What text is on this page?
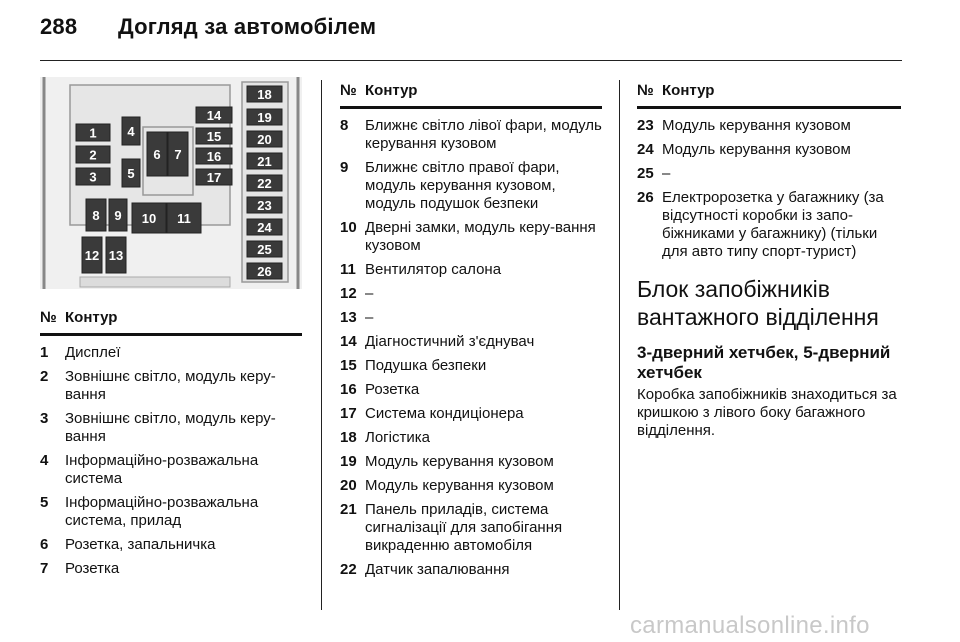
288 Догляд за автомобілем
1
2
3
4
5
6 7
8 9 10 11
12 13
14
15
16
17
18
19
20
21
22
23
24
25
26
№ Контур
1	Дисплеї
2	Зовнішнє світло, модуль керу-вання
3	Зовнішнє світло, модуль керу-вання
4	Інформаційно-розважальна система
5	Інформаційно-розважальна система, прилад
6	Розетка, запальничка
7	Розетка
№ Контур
8	Ближнє світло лівої фари, модуль керування кузовом
9	Ближнє світло правої фари, модуль керування кузовом, модуль подушок безпеки
10 Дверні замки, модуль керу-вання кузовом
11 Вентилятор салона
12 –
13 –
14 Діагностичний з'єднувач
15 Подушка безпеки
16 Розетка
17 Система кондиціонера
18 Логістика
19 Модуль керування кузовом
20 Модуль керування кузовом
21 Панель приладів, система сигналізації для запобігання викраденню автомобіля
22 Датчик запалювання
№ Контур
23 Модуль керування кузовом
24 Модуль керування кузовом
25 –
26 Електророзетка у багажнику (за відсутності коробки із запо-біжниками у багажнику) (тільки для авто типу спорт-турист)
Блок запобіжників вантажного відділення
3-дверний хетчбек, 5-дверний хетчбек
Коробка запобіжників знаходиться за кришкою з лівого боку багажного відділення.
carmanualsonline.info
